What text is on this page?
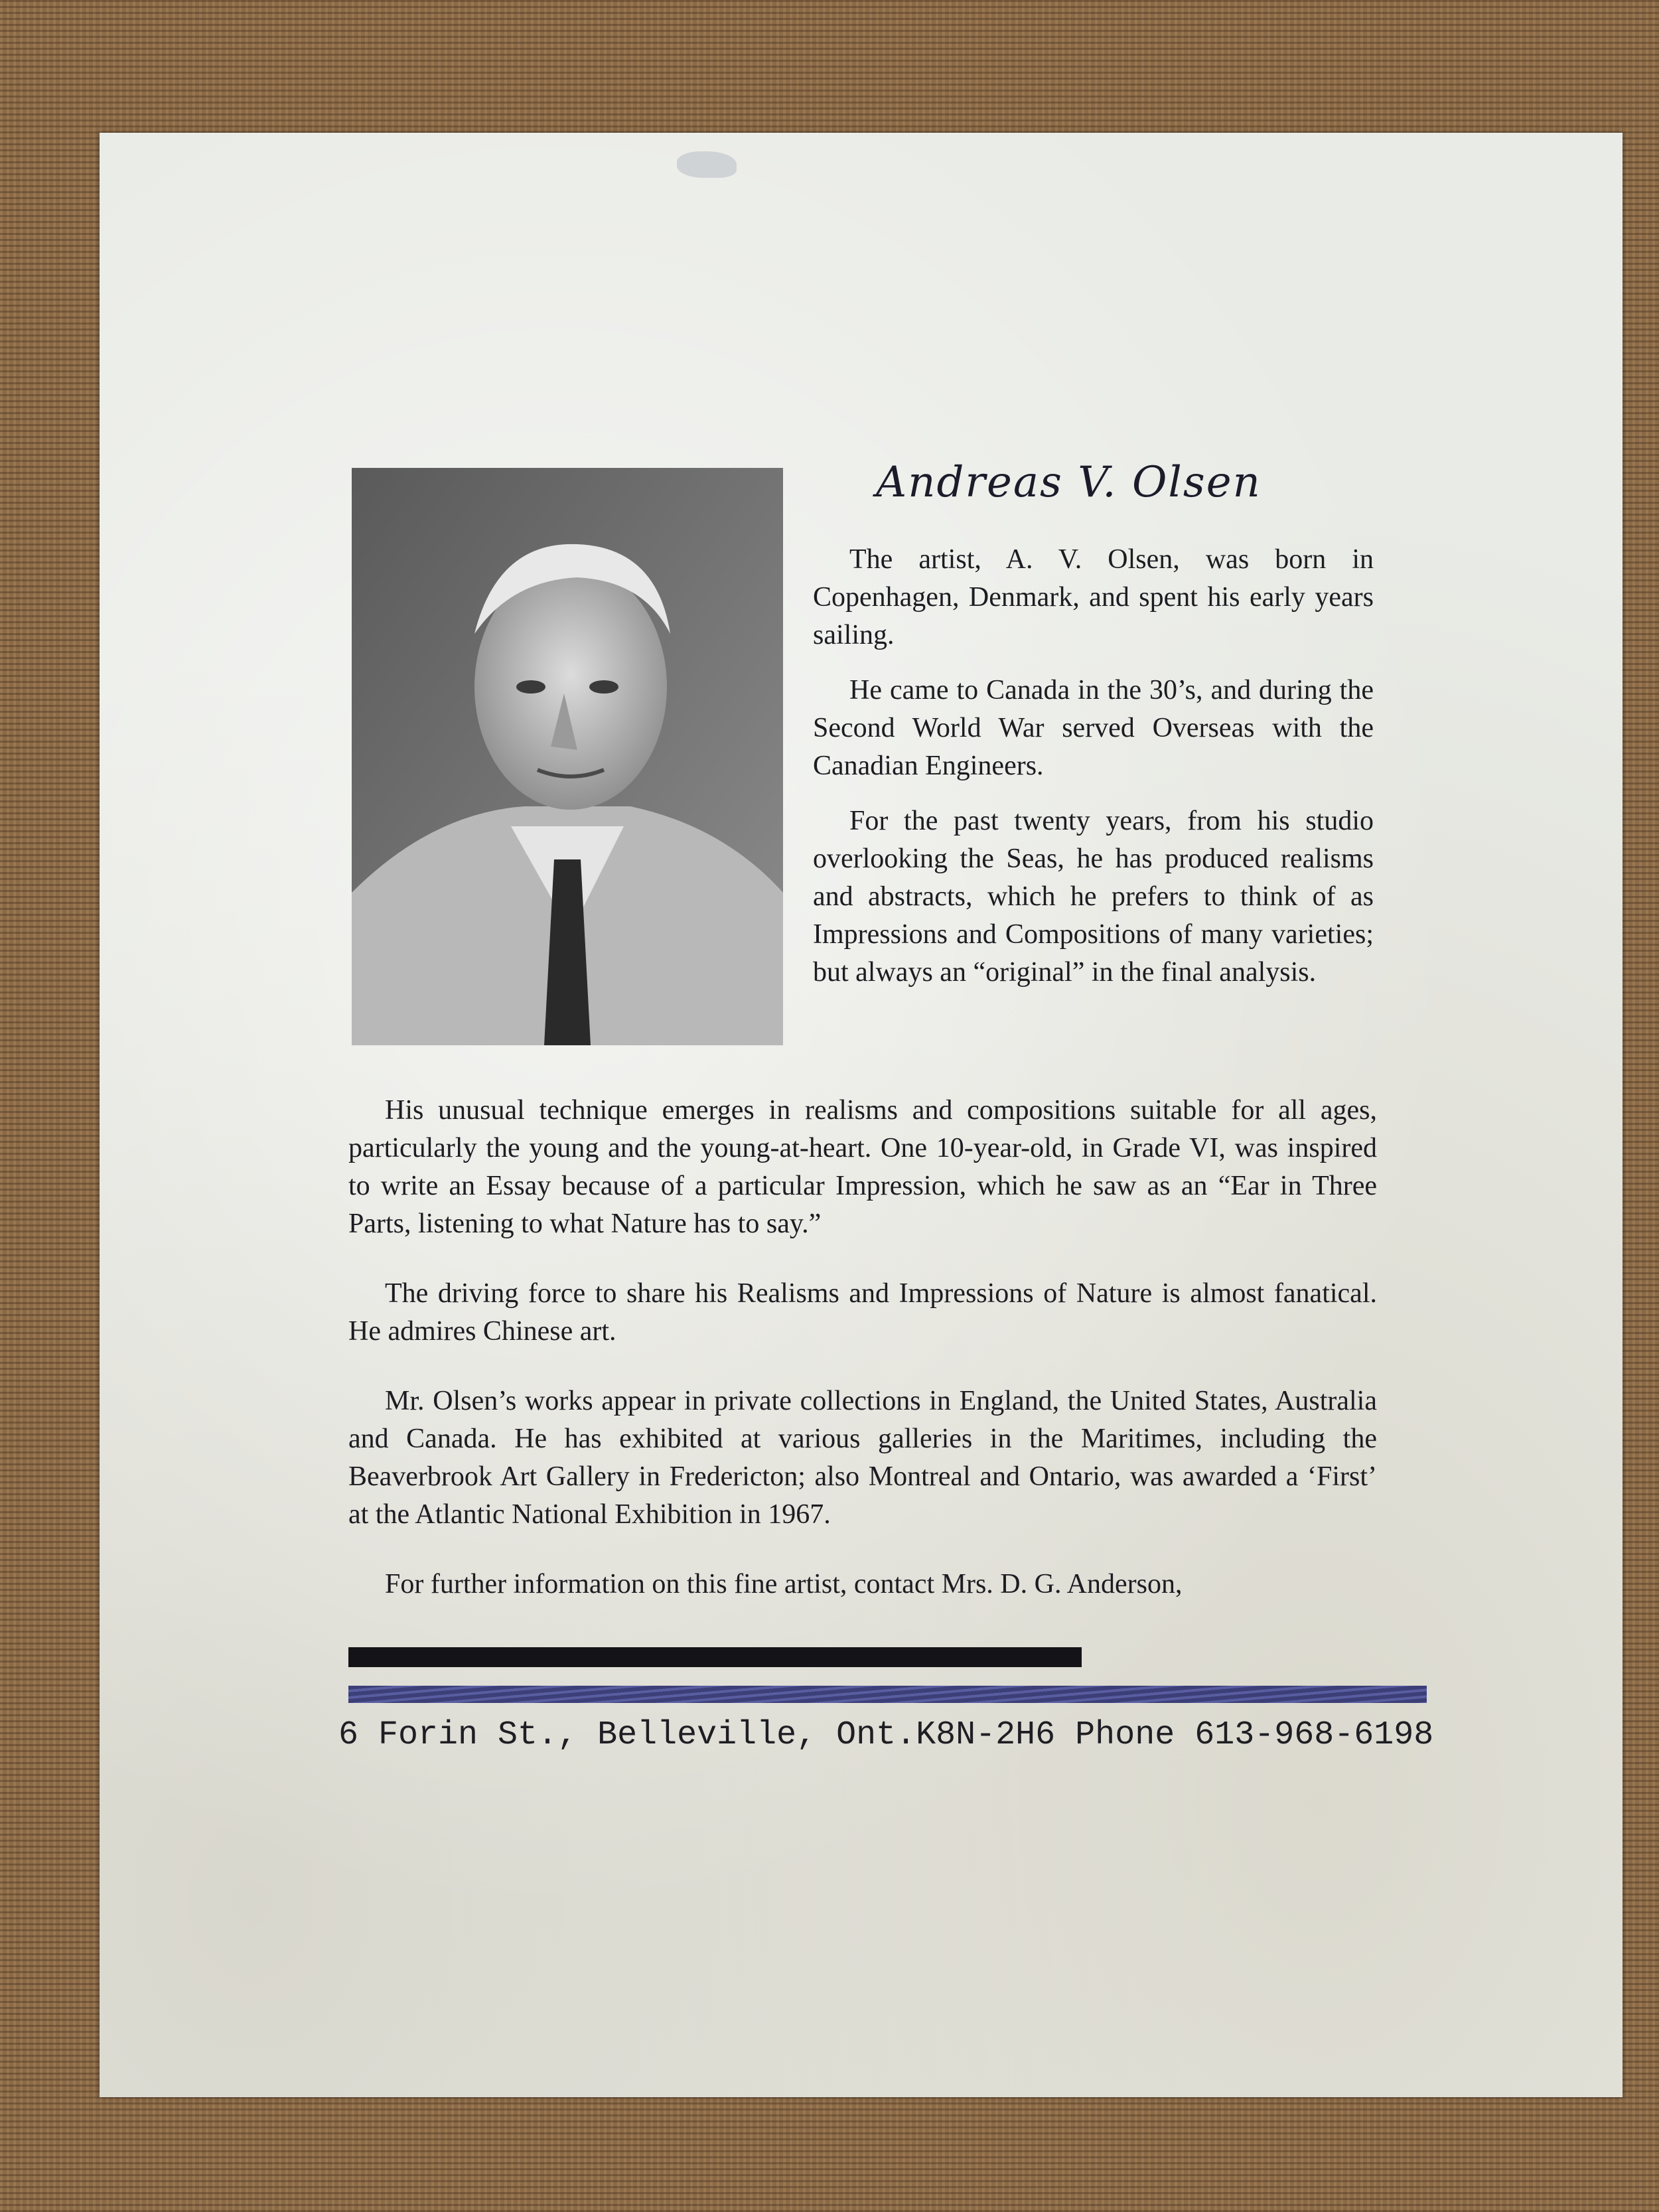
Andreas V. Olsen

The artist, A. V. Olsen, was born in Copenhagen, Denmark, and spent his early years sailing.

He came to Canada in the 30’s, and during the Second World War served Overseas with the Canadian Engineers.

For the past twenty years, from his studio overlooking the Seas, he has produced realisms and abstracts, which he prefers to think of as Impressions and Compositions of many varieties; but always an “original” in the final analysis.

His unusual technique emerges in realisms and compositions suitable for all ages, particularly the young and the young-at-heart. One 10-year-old, in Grade VI, was inspired to write an Essay because of a particular Impression, which he saw as an “Ear in Three Parts, listening to what Nature has to say.”

The driving force to share his Realisms and Impressions of Nature is almost fanatical. He admires Chinese art.

Mr. Olsen’s works appear in private collections in England, the United States, Australia and Canada. He has exhibited at various galleries in the Maritimes, including the Beaverbrook Art Gallery in Fredericton; also Montreal and Ontario, was awarded a ‘First’ at the Atlantic National Exhibition in 1967.

For further information on this fine artist, contact Mrs. D. G. Anderson,

6 Forin St., Belleville, Ont.K8N-2H6 Phone 613-968-6198
